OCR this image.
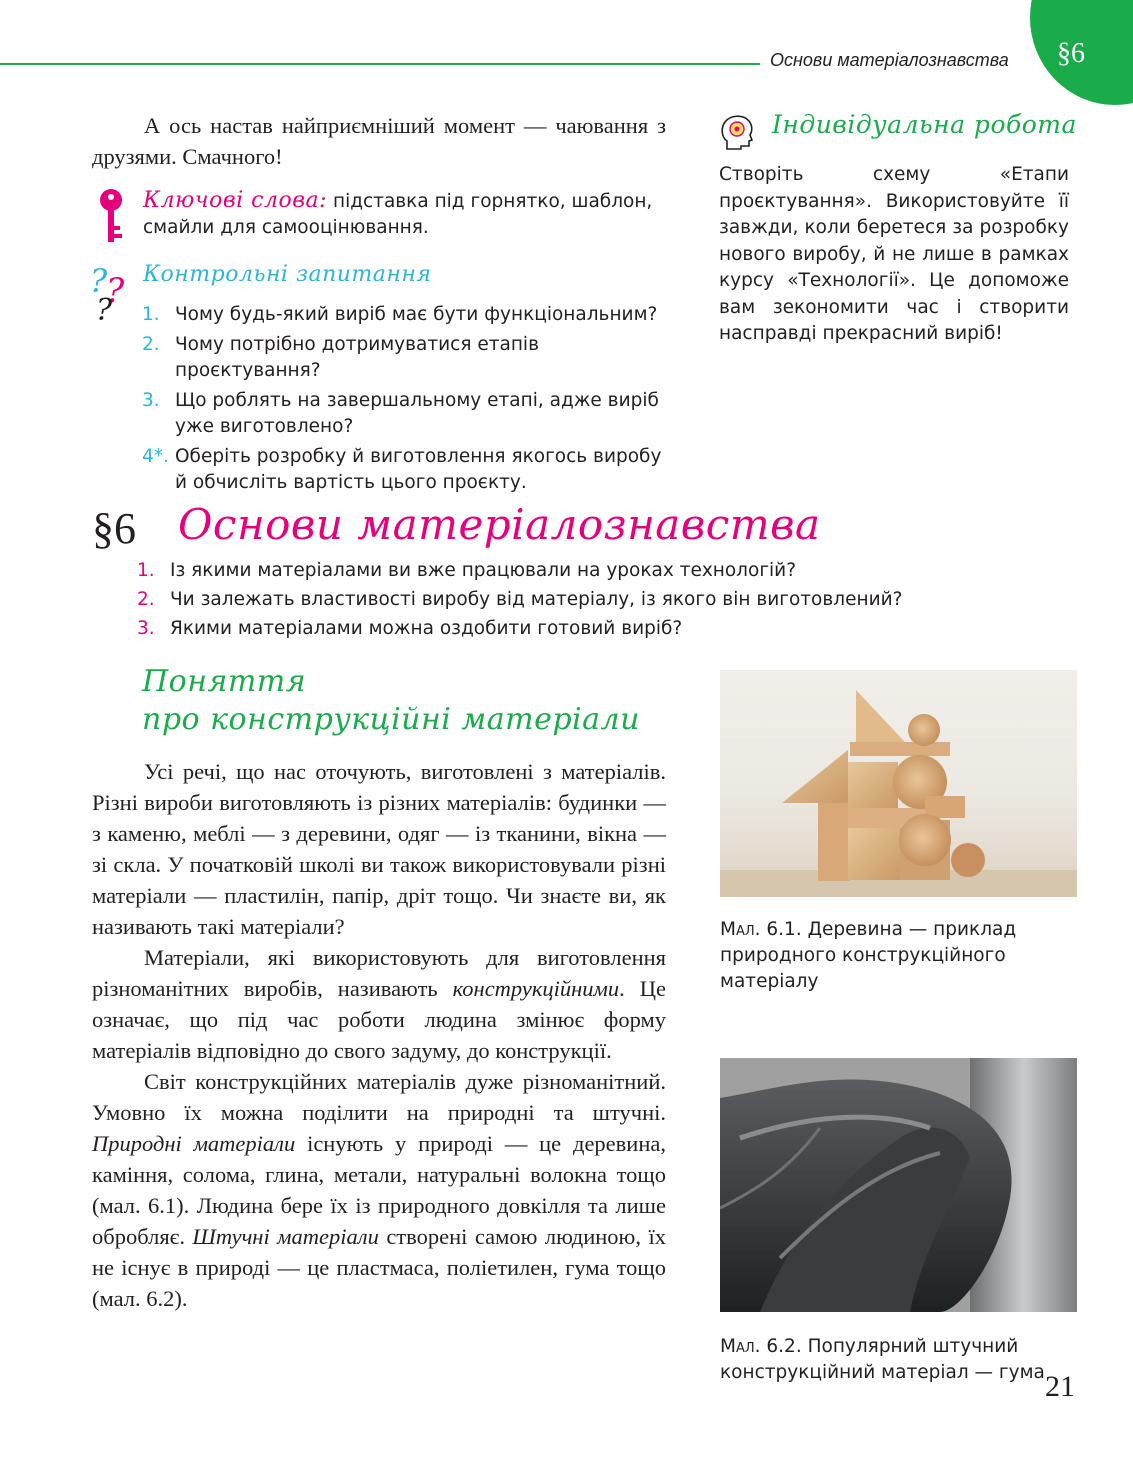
Основи матеріалознавства §6

А ось настав найприємніший момент — чаювання з друзями. Смачного!

Ключові слова: підставка під горнятко, шаблон, смайли для самооцінювання.
?
?
?
Контрольні запитання
1. Чому будь-який виріб має бути функціональним?
2. Чому потрібно дотримуватися етапів проєктування?
3. Що роблять на завершальному етапі, адже виріб уже виготовлено?
4*. Оберіть розробку й виготовлення якогось виробу й обчисліть вартість цього проєкту.
Індивідуальна робота
Створіть схему «Етапи проєктування». Використовуйте її завжди, коли беретеся за розробку нового виробу, й не лише в рамках курсу «Технології». Це допоможе вам зекономити час і створити насправді прекрасний виріб!
§6 Основи матеріалознавства
1. Із якими матеріалами ви вже працювали на уроках технологій?
2. Чи залежать властивості виробу від матеріалу, із якого він виготовлений?
3. Якими матеріалами можна оздобити готовий виріб?
Поняття
про конструкційні матеріали

Усі речі, що нас оточують, виготовлені з матеріалів. Різні вироби виготовляють із різних матеріалів: будинки — з каменю, меблі — з деревини, одяг — із тканини, вікна — зі скла. У початковій школі ви також використовували різні матеріали — пластилін, папір, дріт тощо. Чи знаєте ви, як називають такі матеріали?

Матеріали, які використовують для виготовлення різноманітних виробів, називають конструкційними. Це означає, що під час роботи людина змінює форму матеріалів відповідно до свого задуму, до конструкції.

Світ конструкційних матеріалів дуже різноманітний. Умовно їх можна поділити на природні та штучні. Природні матеріали існують у природі — це деревина, каміння, солома, глина, метали, натуральні волокна тощо (мал. 6.1). Людина бере їх із природного довкілля та лише обробляє. Штучні матеріали створені самою людиною, їх не існує в природі — це пластмаса, поліетилен, гума тощо (мал. 6.2).

Мал. 6.1. Деревина — приклад природного конструкційного матеріалу
Мал. 6.2. Популярний штучний конструкційний матеріал — гума 21
